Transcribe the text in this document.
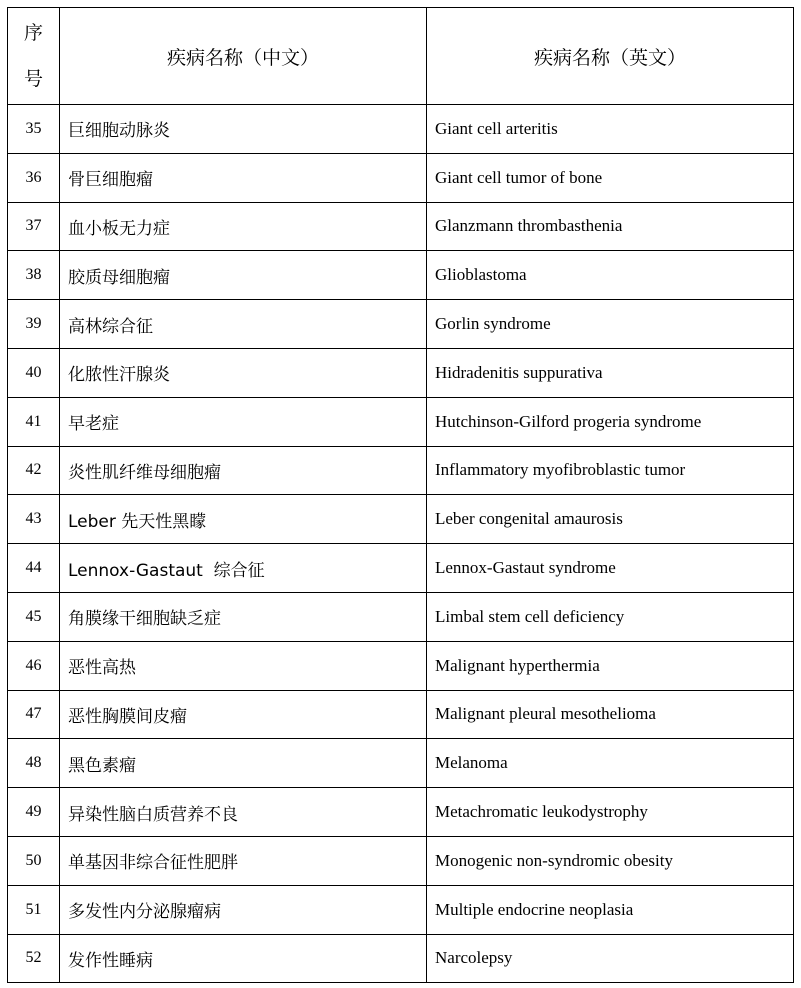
序
号	疾病名称（中文）	疾病名称（英文）
35	巨细胞动脉炎	Giant cell arteritis
36	骨巨细胞瘤	Giant cell tumor of bone
37	血小板无力症	Glanzmann thrombasthenia
38	胶质母细胞瘤	Glioblastoma
39	高林综合征	Gorlin syndrome
40	化脓性汗腺炎	Hidradenitis suppurativa
41	早老症	Hutchinson-Gilford progeria syndrome
42	炎性肌纤维母细胞瘤	Inflammatory myofibroblastic tumor
43	Leber 先天性黑矇	Leber congenital amaurosis
44	Lennox-Gastaut  综合征	Lennox-Gastaut syndrome
45	角膜缘干细胞缺乏症	Limbal stem cell deficiency
46	恶性高热	Malignant hyperthermia
47	恶性胸膜间皮瘤	Malignant pleural mesothelioma
48	黑色素瘤	Melanoma
49	异染性脑白质营养不良	Metachromatic leukodystrophy
50	单基因非综合征性肥胖	Monogenic non-syndromic obesity
51	多发性内分泌腺瘤病	Multiple endocrine neoplasia
52	发作性睡病	Narcolepsy
